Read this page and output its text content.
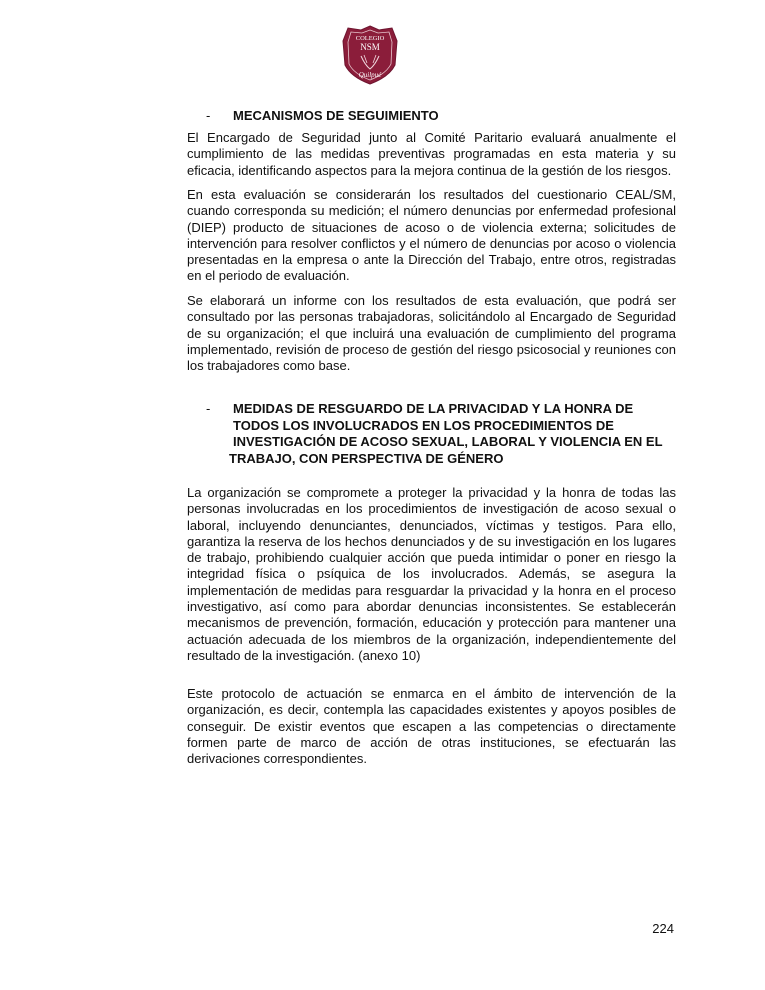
COLEGIO
NSM
Quilpué
- MECANISMOS DE SEGUIMIENTO

El Encargado de Seguridad junto al Comité Paritario evaluará anualmente el cumplimiento de las medidas preventivas programadas en esta materia y su eficacia, identificando aspectos para la mejora continua de la gestión de los riesgos.

En esta evaluación se considerarán los resultados del cuestionario CEAL/SM, cuando corresponda su medición; el número denuncias por enfermedad profesional (DIEP) producto de situaciones de acoso o de violencia externa; solicitudes de intervención para resolver conflictos y el número de denuncias por acoso o violencia presentadas en la empresa o ante la Dirección del Trabajo, entre otros, registradas en el periodo de evaluación.

Se elaborará un informe con los resultados de esta evaluación, que podrá ser consultado por las personas trabajadoras, solicitándolo al Encargado de Seguridad de su organización; el que incluirá una evaluación de cumplimiento del programa implementado, revisión de proceso de gestión del riesgo psicosocial y reuniones con los trabajadores como base.

- MEDIDAS DE RESGUARDO DE LA PRIVACIDAD Y LA HONRA DE
TODOS LOS INVOLUCRADOS EN LOS PROCEDIMIENTOS DE
INVESTIGACIÓN DE ACOSO SEXUAL, LABORAL Y VIOLENCIA EN EL
TRABAJO, CON PERSPECTIVA DE GÉNERO

La organización se compromete a proteger la privacidad y la honra de todas las personas involucradas en los procedimientos de investigación de acoso sexual o laboral, incluyendo denunciantes, denunciados, víctimas y testigos. Para ello, garantiza la reserva de los hechos denunciados y de su investigación en los lugares de trabajo, prohibiendo cualquier acción que pueda intimidar o poner en riesgo la integridad física o psíquica de los involucrados. Además, se asegura la implementación de medidas para resguardar la privacidad y la honra en el proceso investigativo, así como para abordar denuncias inconsistentes. Se establecerán mecanismos de prevención, formación, educación y protección para mantener una actuación adecuada de los miembros de la organización, independientemente del resultado de la investigación. (anexo 10)

Este protocolo de actuación se enmarca en el ámbito de intervención de la organización, es decir, contempla las capacidades existentes y apoyos posibles de conseguir. De existir eventos que escapen a las competencias o directamente formen parte de marco de acción de otras instituciones, se efectuarán las derivaciones correspondientes.

224
